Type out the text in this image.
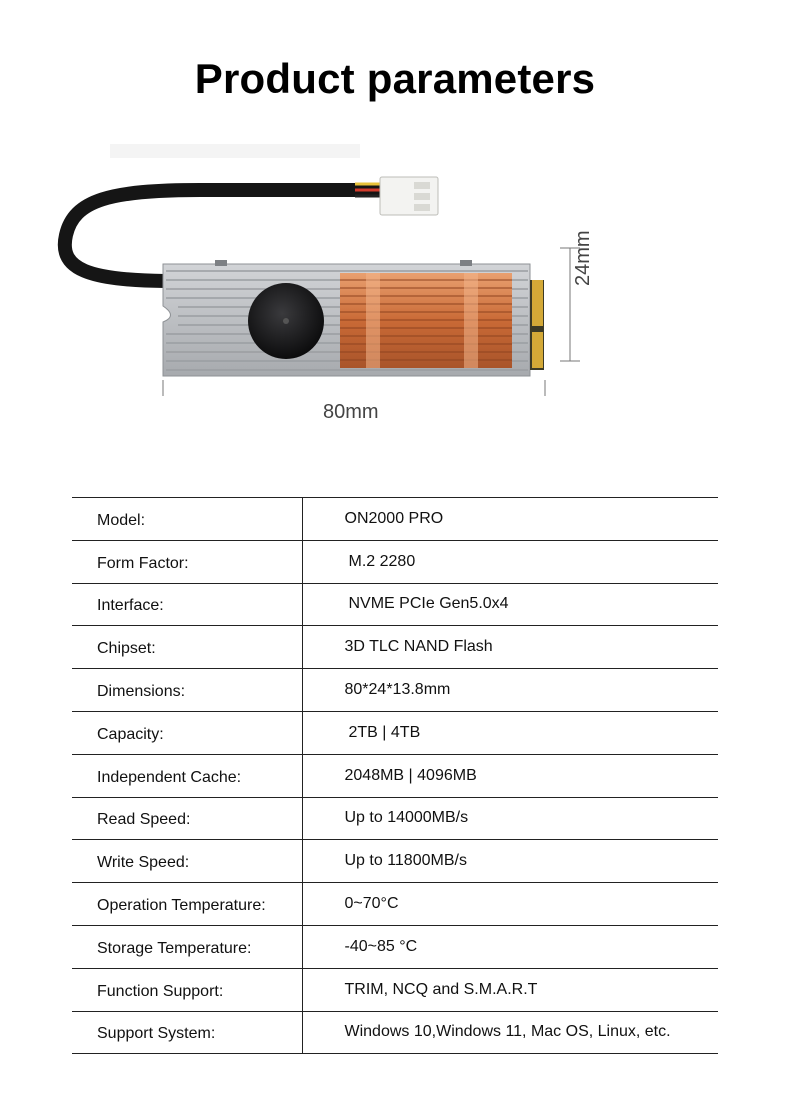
Product parameters
80mm
24mm
Model:	ON2000 PRO
Form Factor:	M.2 2280
Interface:	NVME PCIe Gen5.0x4
Chipset:	3D TLC NAND Flash
Dimensions:	80*24*13.8mm
Capacity:	2TB | 4TB
Independent Cache:	2048MB | 4096MB
Read Speed:	Up to 14000MB/s
Write Speed:	Up to 11800MB/s
Operation Temperature:	0~70°C
Storage Temperature:	-40~85 °C
Function Support:	TRIM, NCQ and S.M.A.R.T
Support System:	Windows 10,Windows 11, Mac OS, Linux, etc.
